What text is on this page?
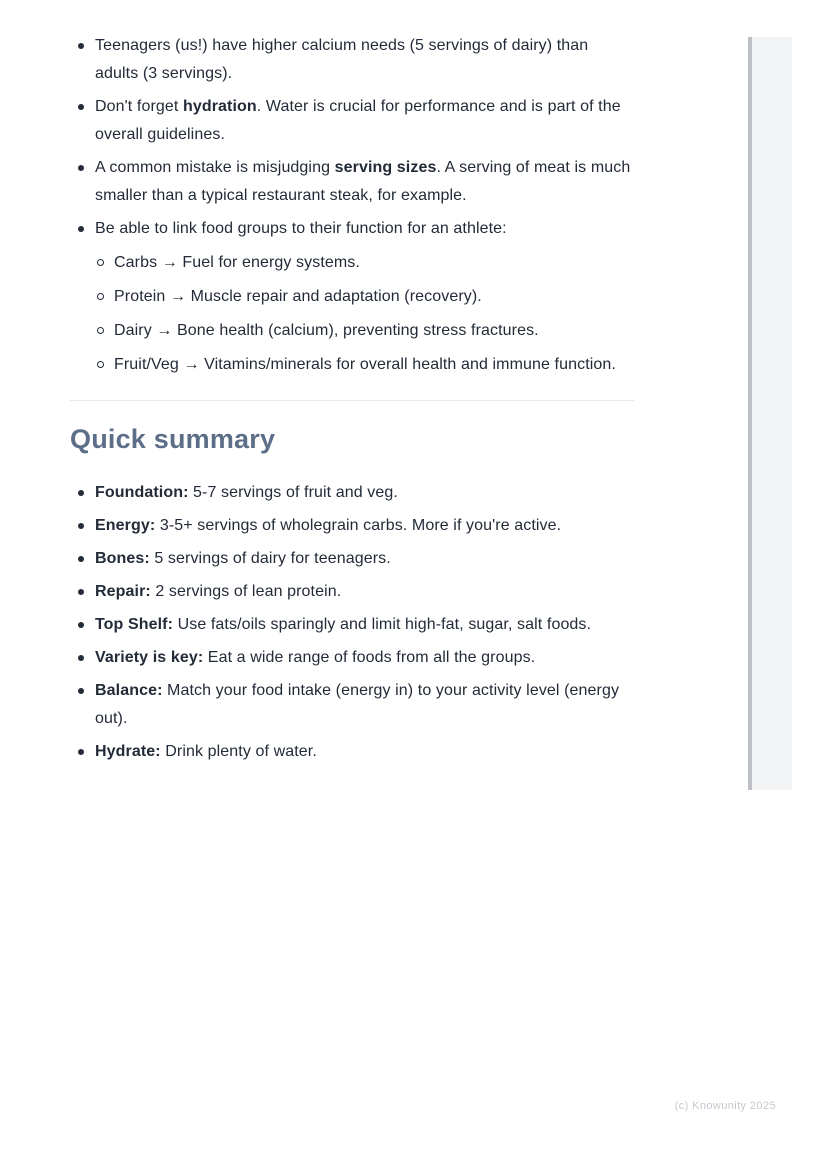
Teenagers (us!) have higher calcium needs (5 servings of dairy) than adults (3 servings).
Don't forget hydration. Water is crucial for performance and is part of the overall guidelines.
A common mistake is misjudging serving sizes. A serving of meat is much smaller than a typical restaurant steak, for example.
Be able to link food groups to their function for an athlete:
Carbs → Fuel for energy systems.
Protein → Muscle repair and adaptation (recovery).
Dairy → Bone health (calcium), preventing stress fractures.
Fruit/Veg → Vitamins/minerals for overall health and immune function.
Quick summary
Foundation: 5-7 servings of fruit and veg.
Energy: 3-5+ servings of wholegrain carbs. More if you're active.
Bones: 5 servings of dairy for teenagers.
Repair: 2 servings of lean protein.
Top Shelf: Use fats/oils sparingly and limit high-fat, sugar, salt foods.
Variety is key: Eat a wide range of foods from all the groups.
Balance: Match your food intake (energy in) to your activity level (energy out).
Hydrate: Drink plenty of water.
(c) Knowunity 2025
